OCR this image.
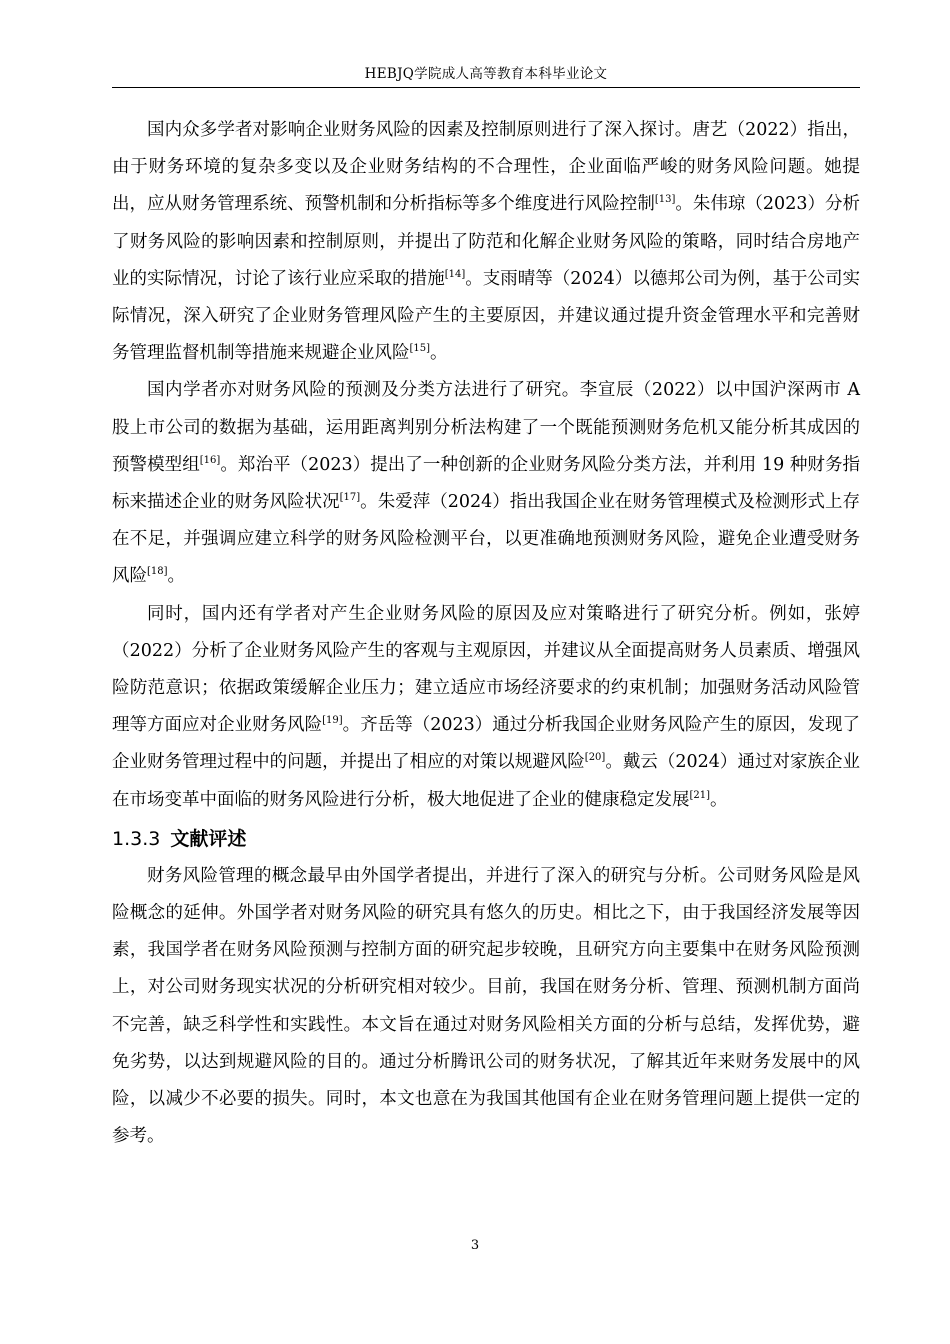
HEBJQ学院成人高等教育本科毕业论文

国内众多学者对影响企业财务风险的因素及控制原则进行了深入探讨。唐艺（2022）指出，由于财务环境的复杂多变以及企业财务结构的不合理性，企业面临严峻的财务风险问题。她提出，应从财务管理系统、预警机制和分析指标等多个维度进行风险控制[13]。朱伟琼（2023）分析了财务风险的影响因素和控制原则，并提出了防范和化解企业财务风险的策略，同时结合房地产业的实际情况，讨论了该行业应采取的措施[14]。支雨晴等（2024）以德邦公司为例，基于公司实际情况，深入研究了企业财务管理风险产生的主要原因，并建议通过提升资金管理水平和完善财务管理监督机制等措施来规避企业风险[15]。

国内学者亦对财务风险的预测及分类方法进行了研究。李宣辰（2022）以中国沪深两市 A 股上市公司的数据为基础，运用距离判别分析法构建了一个既能预测财务危机又能分析其成因的预警模型组[16]。郑治平（2023）提出了一种创新的企业财务风险分类方法，并利用 19 种财务指标来描述企业的财务风险状况[17]。朱爱萍（2024）指出我国企业在财务管理模式及检测形式上存在不足，并强调应建立科学的财务风险检测平台，以更准确地预测财务风险，避免企业遭受财务风险[18]。

同时，国内还有学者对产生企业财务风险的原因及应对策略进行了研究分析。例如，张婷（2022）分析了企业财务风险产生的客观与主观原因，并建议从全面提高财务人员素质、增强风险防范意识；依据政策缓解企业压力；建立适应市场经济要求的约束机制；加强财务活动风险管理等方面应对企业财务风险[19]。齐岳等（2023）通过分析我国企业财务风险产生的原因，发现了企业财务管理过程中的问题，并提出了相应的对策以规避风险[20]。戴云（2024）通过对家族企业在市场变革中面临的财务风险进行分析，极大地促进了企业的健康稳定发展[21]。

1.3.3 文献评述

财务风险管理的概念最早由外国学者提出，并进行了深入的研究与分析。公司财务风险是风险概念的延伸。外国学者对财务风险的研究具有悠久的历史。相比之下，由于我国经济发展等因素，我国学者在财务风险预测与控制方面的研究起步较晚，且研究方向主要集中在财务风险预测上，对公司财务现实状况的分析研究相对较少。目前，我国在财务分析、管理、预测机制方面尚不完善，缺乏科学性和实践性。本文旨在通过对财务风险相关方面的分析与总结，发挥优势，避免劣势，以达到规避风险的目的。通过分析腾讯公司的财务状况，了解其近年来财务发展中的风险，以减少不必要的损失。同时，本文也意在为我国其他国有企业在财务管理问题上提供一定的参考。

3
